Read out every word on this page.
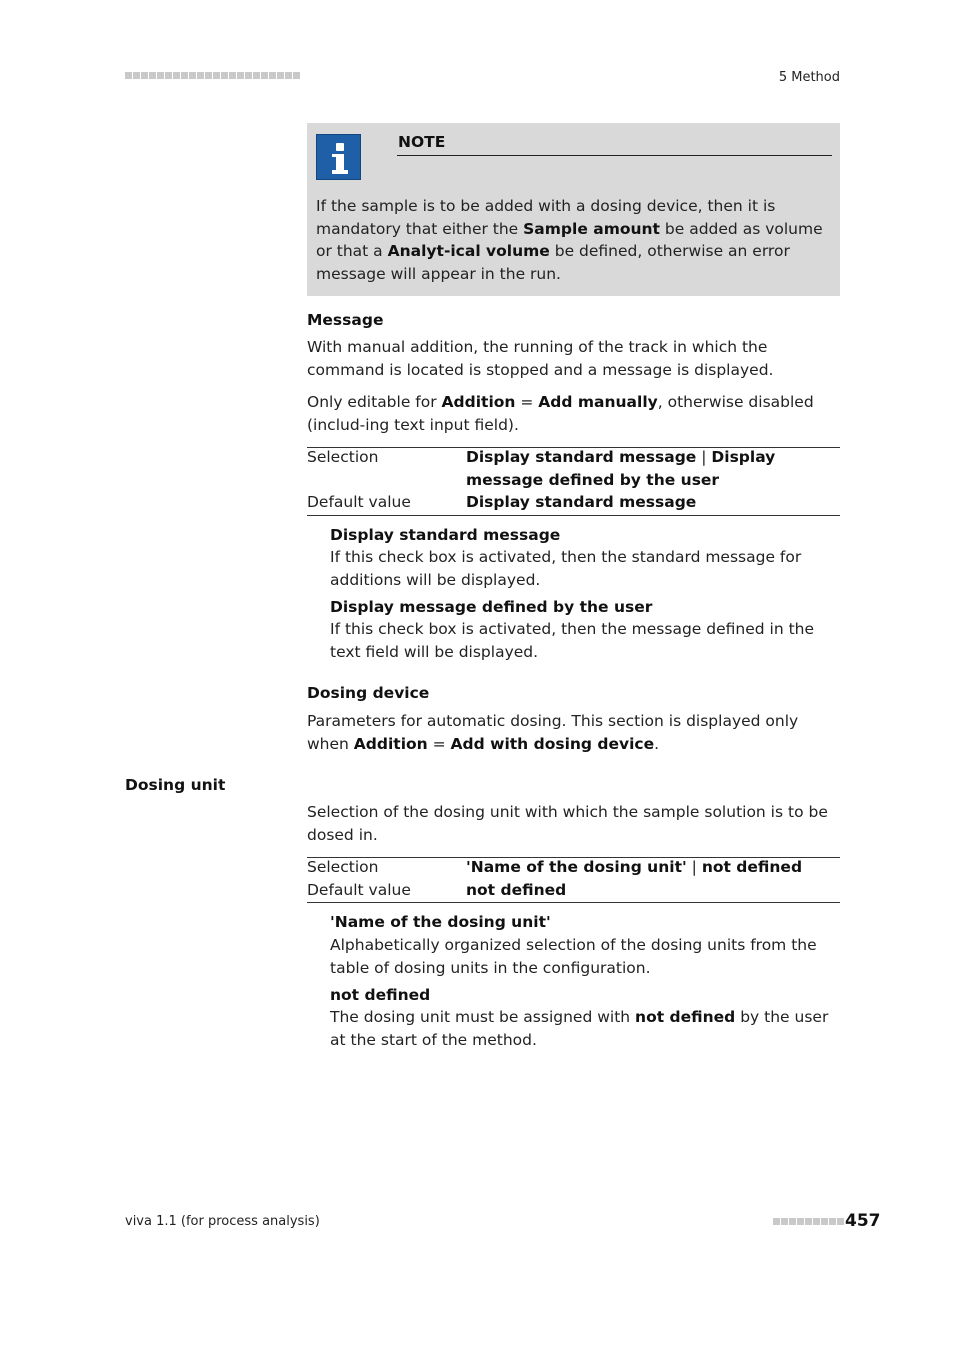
5 Method
NOTE
If the sample is to be added with a dosing device, then it is mandatory that either the Sample amount be added as volume or that a Analyt-ical volume be defined, otherwise an error message will appear in the run.
Message
With manual addition, the running of the track in which the command is located is stopped and a message is displayed.
Only editable for Addition = Add manually, otherwise disabled (includ-ing text input field).
Selection	Display standard message | Display message defined by the user
Default value	Display standard message
Display standard message
If this check box is activated, then the standard message for additions will be displayed.
Display message defined by the user
If this check box is activated, then the message defined in the text field will be displayed.
Dosing device
Parameters for automatic dosing. This section is displayed only when Addition = Add with dosing device.
Dosing unit
Selection of the dosing unit with which the sample solution is to be dosed in.
Selection	'Name of the dosing unit' | not defined
Default value	not defined
'Name of the dosing unit'
Alphabetically organized selection of the dosing units from the table of dosing units in the configuration.
not defined
The dosing unit must be assigned with not defined by the user at the start of the method.
viva 1.1 (for process analysis)	457
